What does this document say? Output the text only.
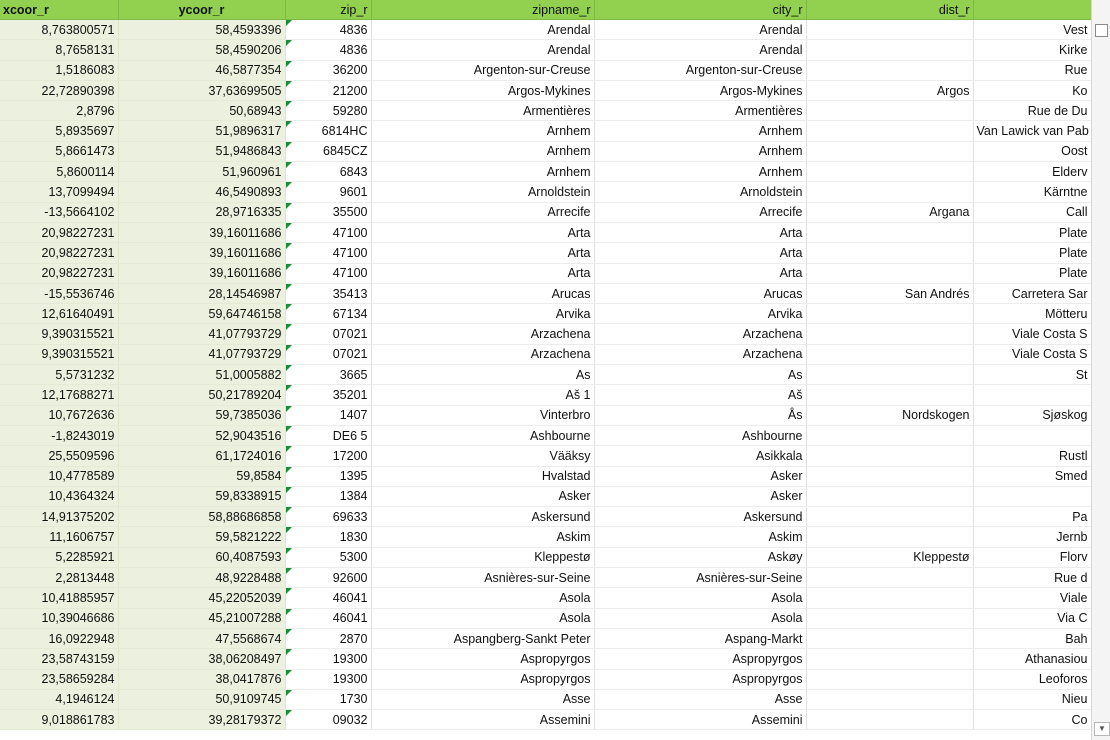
xcoor_r	ycoor_r	zip_r	zipname_r	city_r	dist_r	
8,763800571	58,4593396	4836	Arendal	Arendal		Vest
8,7658131	58,4590206	4836	Arendal	Arendal		Kirke
1,5186083	46,5877354	36200	Argenton-sur-Creuse	Argenton-sur-Creuse		Rue
22,72890398	37,63699505	21200	Argos-Mykines	Argos-Mykines	Argos	Ko
2,8796	50,68943	59280	Armentières	Armentières		Rue de Du
5,8935697	51,9896317	6814HC	Arnhem	Arnhem		Van Lawick van Pab
5,8661473	51,9486843	6845CZ	Arnhem	Arnhem		Oost
5,8600114	51,960961	6843	Arnhem	Arnhem		Elderv
13,7099494	46,5490893	9601	Arnoldstein	Arnoldstein		Kärntne
-13,5664102	28,9716335	35500	Arrecife	Arrecife	Argana	Call
20,98227231	39,16011686	47100	Arta	Arta		Plate
20,98227231	39,16011686	47100	Arta	Arta		Plate
20,98227231	39,16011686	47100	Arta	Arta		Plate
-15,5536746	28,14546987	35413	Arucas	Arucas	San Andrés	Carretera Sar
12,61640491	59,64746158	67134	Arvika	Arvika		Mötteru
9,390315521	41,07793729	07021	Arzachena	Arzachena		Viale Costa S
9,390315521	41,07793729	07021	Arzachena	Arzachena		Viale Costa S
5,5731232	51,0005882	3665	As	As		St
12,17688271	50,21789204	35201	Aš 1	Aš		
10,7672636	59,7385036	1407	Vinterbro	Ås	Nordskogen	Sjøskog
-1,8243019	52,9043516	DE6 5	Ashbourne	Ashbourne		
25,5509596	61,1724016	17200	Vääksy	Asikkala		Rustl
10,4778589	59,8584	1395	Hvalstad	Asker		Smed
10,4364324	59,8338915	1384	Asker	Asker		
14,91375202	58,88686858	69633	Askersund	Askersund		Pa
11,1606757	59,5821222	1830	Askim	Askim		Jernb
5,2285921	60,4087593	5300	Kleppestø	Askøy	Kleppestø	Florv
2,2813448	48,9228488	92600	Asnières-sur-Seine	Asnières-sur-Seine		Rue d
10,41885957	45,22052039	46041	Asola	Asola		Viale
10,39046686	45,21007288	46041	Asola	Asola		Via C
16,0922948	47,5568674	2870	Aspangberg-Sankt Peter	Aspang-Markt		Bah
23,58743159	38,06208497	19300	Aspropyrgos	Aspropyrgos		Athanasiou
23,58659284	38,0417876	19300	Aspropyrgos	Aspropyrgos		Leoforos
4,1946124	50,9109745	1730	Asse	Asse		Nieu
9,018861783	39,28179372	09032	Assemini	Assemini		Co
▼
